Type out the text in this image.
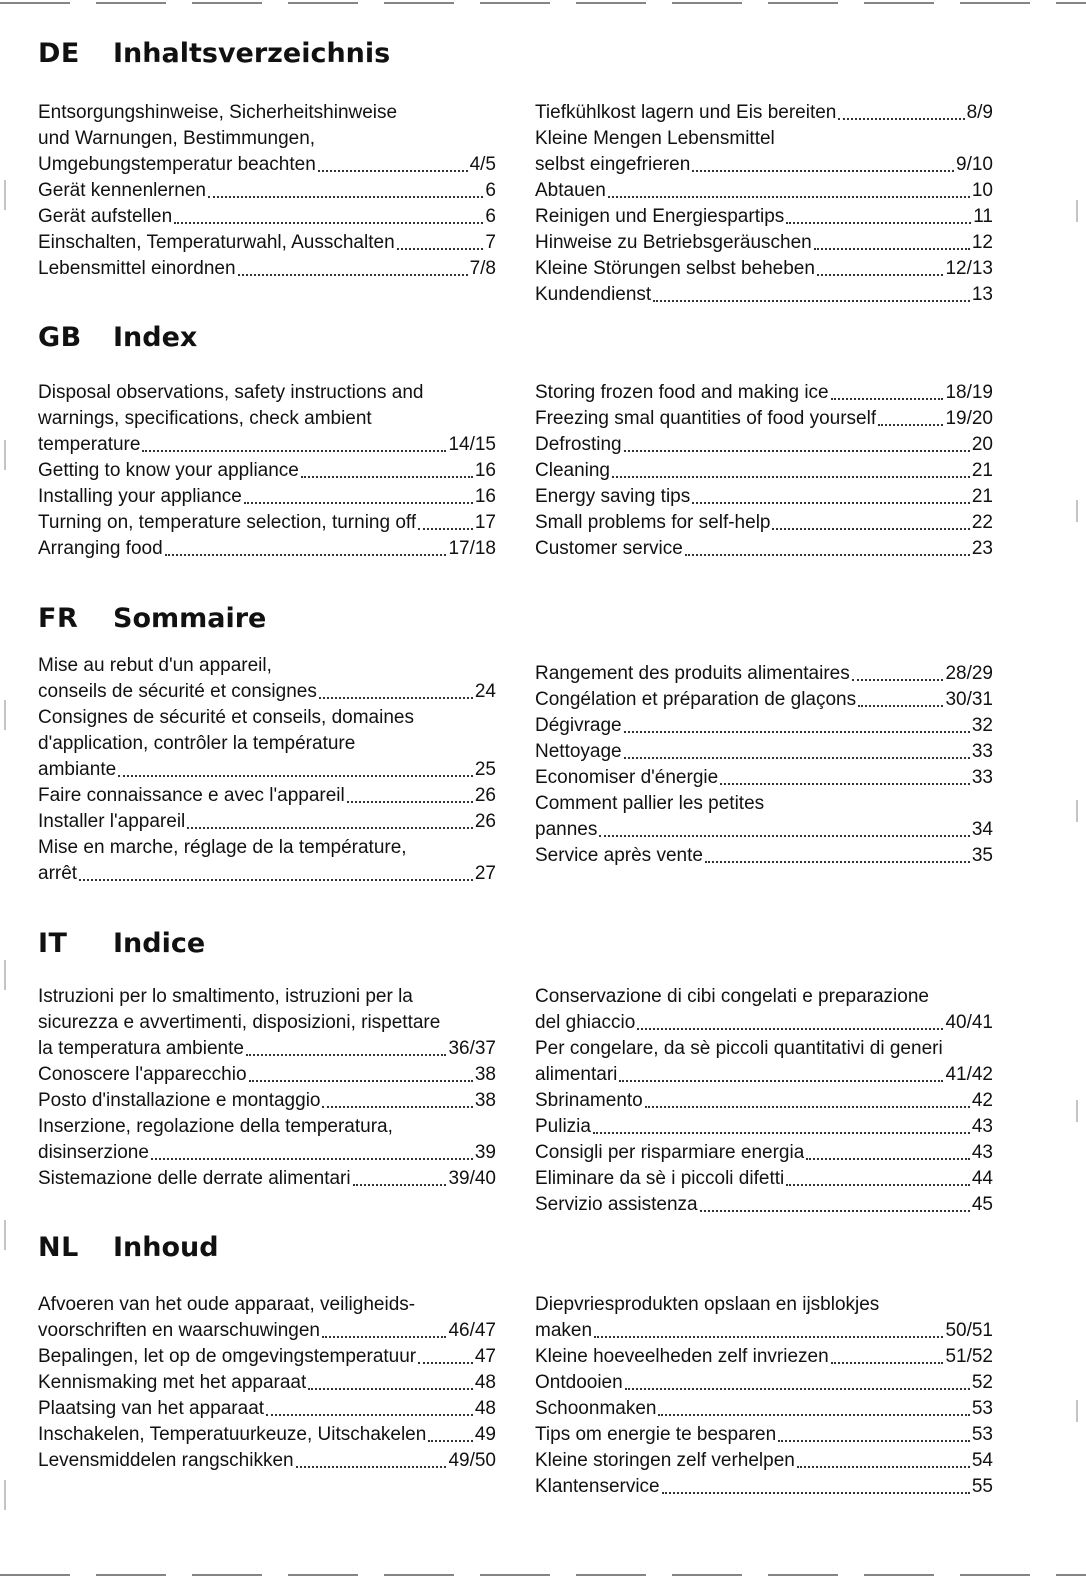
DE	Inhaltsverzeichnis
Entsorgungshinweise, Sicherheitshinweise
und Warnungen, Bestimmungen,
Umgebungstemperatur beachten	4/5
Gerät kennenlernen	6
Gerät aufstellen	6
Einschalten, Temperaturwahl, Ausschalten	7
Lebensmittel einordnen	7/8
Tiefkühlkost lagern und Eis bereiten	8/9
Kleine Mengen Lebensmittel
selbst eingefrieren	9/10
Abtauen	10
Reinigen und Energiespartips	11
Hinweise zu Betriebsgeräuschen	12
Kleine Störungen selbst beheben	12/13
Kundendienst	13
GB	Index
Disposal observations, safety instructions and
warnings, specifications, check ambient
temperature	14/15
Getting to know your appliance	16
Installing your appliance	16
Turning on, temperature selection, turning off	17
Arranging food	17/18
Storing frozen food and making ice	18/19
Freezing smal quantities of food yourself	19/20
Defrosting	20
Cleaning	21
Energy saving tips	21
Small problems for self-help	22
Customer service	23
FR	Sommaire
Mise au rebut d'un appareil,
conseils de sécurité et consignes	24
Consignes de sécurité et conseils, domaines
d'application, contrôler la température
ambiante	25
Faire connaissance e avec l'appareil	26
Installer l'appareil	26
Mise en marche, réglage de la température,
arrêt	27
Rangement des produits alimentaires	28/29
Congélation et préparation de glaçons	30/31
Dégivrage	32
Nettoyage	33
Economiser d'énergie	33
Comment pallier les petites
pannes	34
Service après vente	35
IT	Indice
Istruzioni per lo smaltimento, istruzioni per la
sicurezza e avvertimenti, disposizioni, rispettare
la temperatura ambiente	36/37
Conoscere l'apparecchio	38
Posto d'installazione e montaggio	38
Inserzione, regolazione della temperatura,
disinserzione	39
Sistemazione delle derrate alimentari	39/40
Conservazione di cibi congelati e preparazione
del ghiaccio	40/41
Per congelare, da sè piccoli quantitativi di generi
alimentari	41/42
Sbrinamento	42
Pulizia	43
Consigli per risparmiare energia	43
Eliminare da sè i piccoli difetti	44
Servizio assistenza	45
NL	Inhoud
Afvoeren van het oude apparaat, veiligheids-
voorschriften en waarschuwingen	46/47
Bepalingen, let op de omgevingstemperatuur	47
Kennismaking met het apparaat	48
Plaatsing van het apparaat	48
Inschakelen, Temperatuurkeuze, Uitschakelen	49
Levensmiddelen rangschikken	49/50
Diepvriesprodukten opslaan en ijsblokjes
maken	50/51
Kleine hoeveelheden zelf invriezen	51/52
Ontdooien	52
Schoonmaken	53
Tips om energie te besparen	53
Kleine storingen zelf verhelpen	54
Klantenservice	55
